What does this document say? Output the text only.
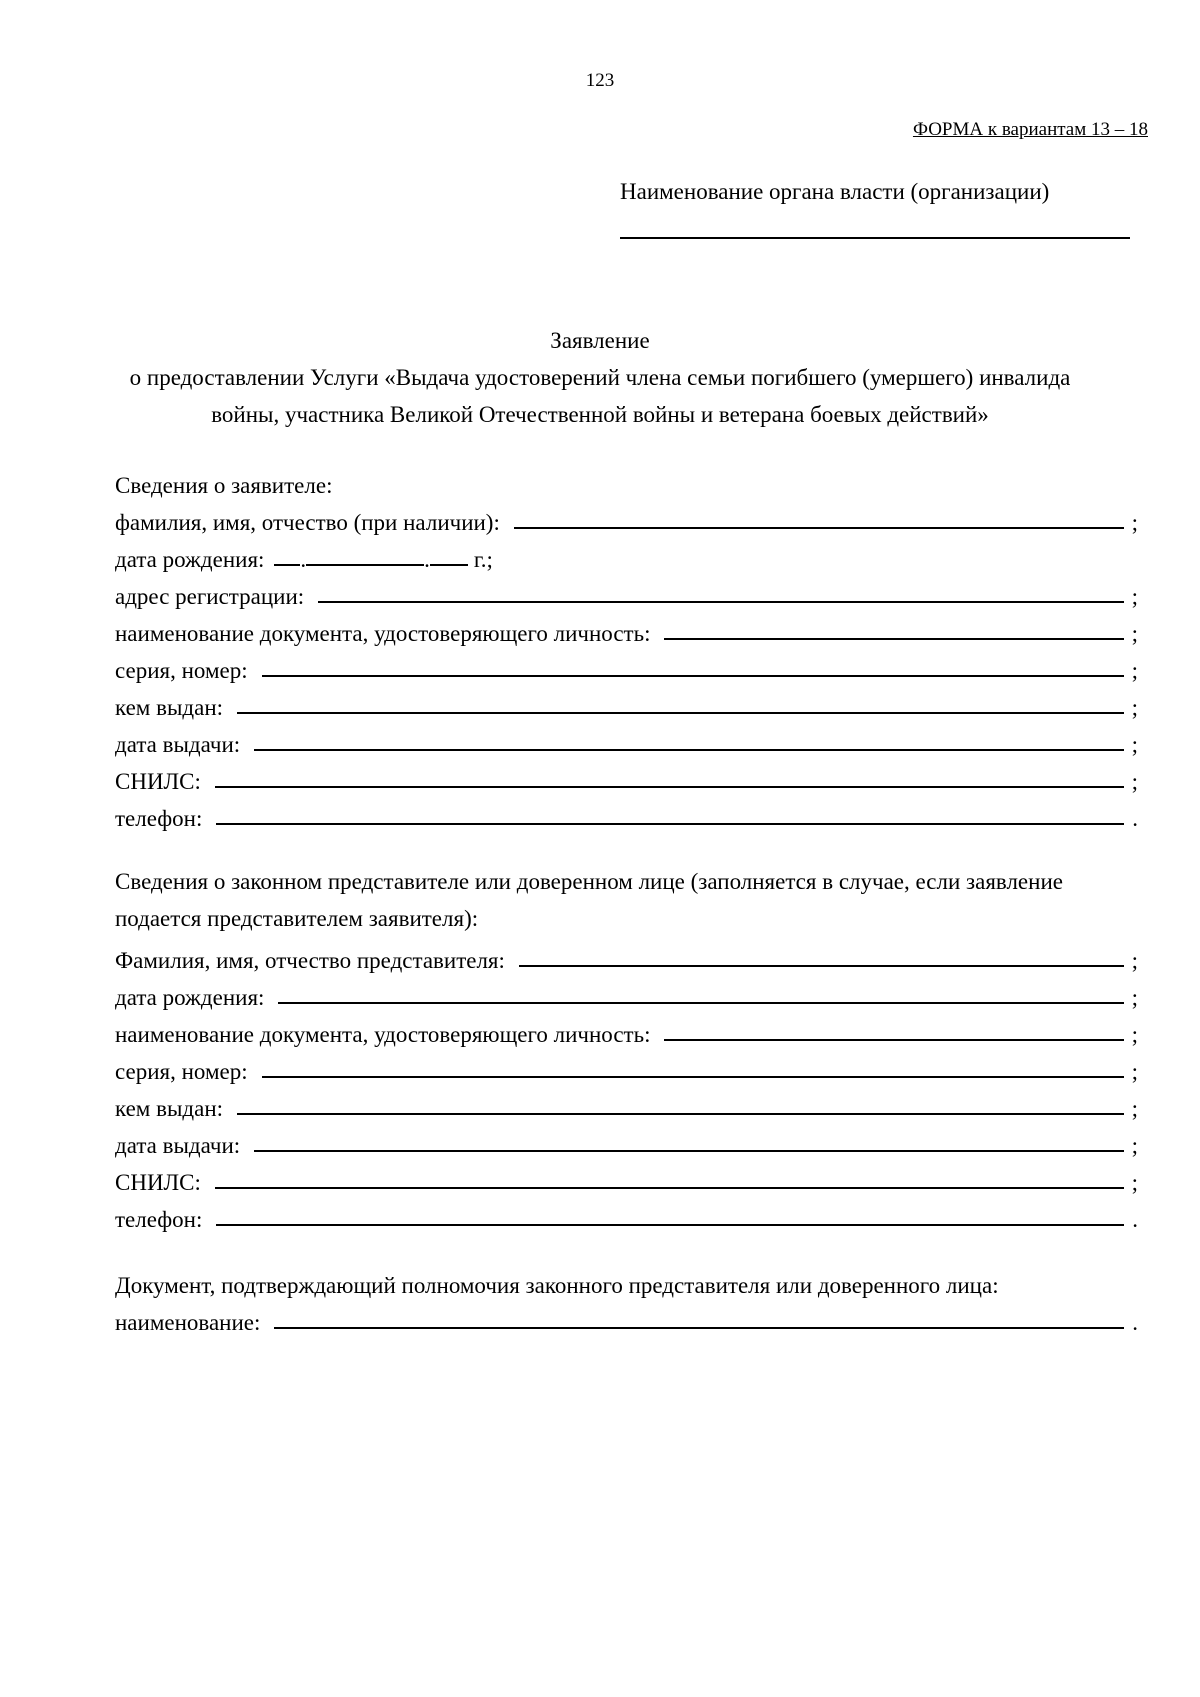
123
ФОРМА к вариантам 13 – 18
Наименование органа власти (организации)
Заявление
о предоставлении Услуги «Выдача удостоверений члена семьи погибшего (умершего) инвалида
войны, участника Великой Отечественной войны и ветерана боевых действий»
Сведения о заявителе:
фамилия, имя, отчество (при наличии):	;
дата рождения: .	. г.;
адрес регистрации:	;
наименование документа, удостоверяющего личность:	;
серия, номер:	;
кем выдан:	;
дата выдачи:	;
СНИЛС:	;
телефон:	.
Сведения о законном представителе или доверенном лице (заполняется в случае, если заявление подается представителем заявителя):
Фамилия, имя, отчество представителя:	;
дата рождения:	;
наименование документа, удостоверяющего личность:	;
серия, номер:	;
кем выдан:	;
дата выдачи:	;
СНИЛС:	;
телефон:	.
Документ, подтверждающий полномочия законного представителя или доверенного лица:
наименование:	.
